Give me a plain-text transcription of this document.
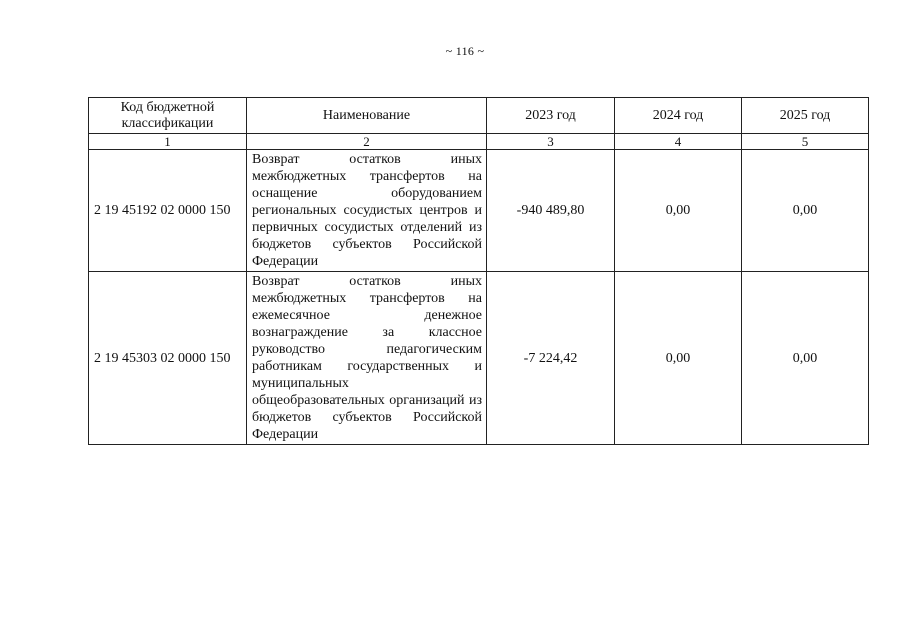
~ 116 ~
Код бюджетной классификации	Наименование	2023 год	2024 год	2025 год
1	2	3	4	5
2 19 45192 02 0000 150	Возврат остатков иных межбюджетных трансфертов на оснащение оборудованием региональных сосудистых центров и первичных сосудистых отделений из бюджетов субъектов Российской Федерации	-940 489,80	0,00	0,00
2 19 45303 02 0000 150	Возврат остатков иных межбюджетных трансфертов на ежемесячное денежное вознаграждение за классное руководство педагогическим работникам государственных и муниципальных общеобразовательных организаций из бюджетов субъектов Российской Федерации	-7 224,42	0,00	0,00
